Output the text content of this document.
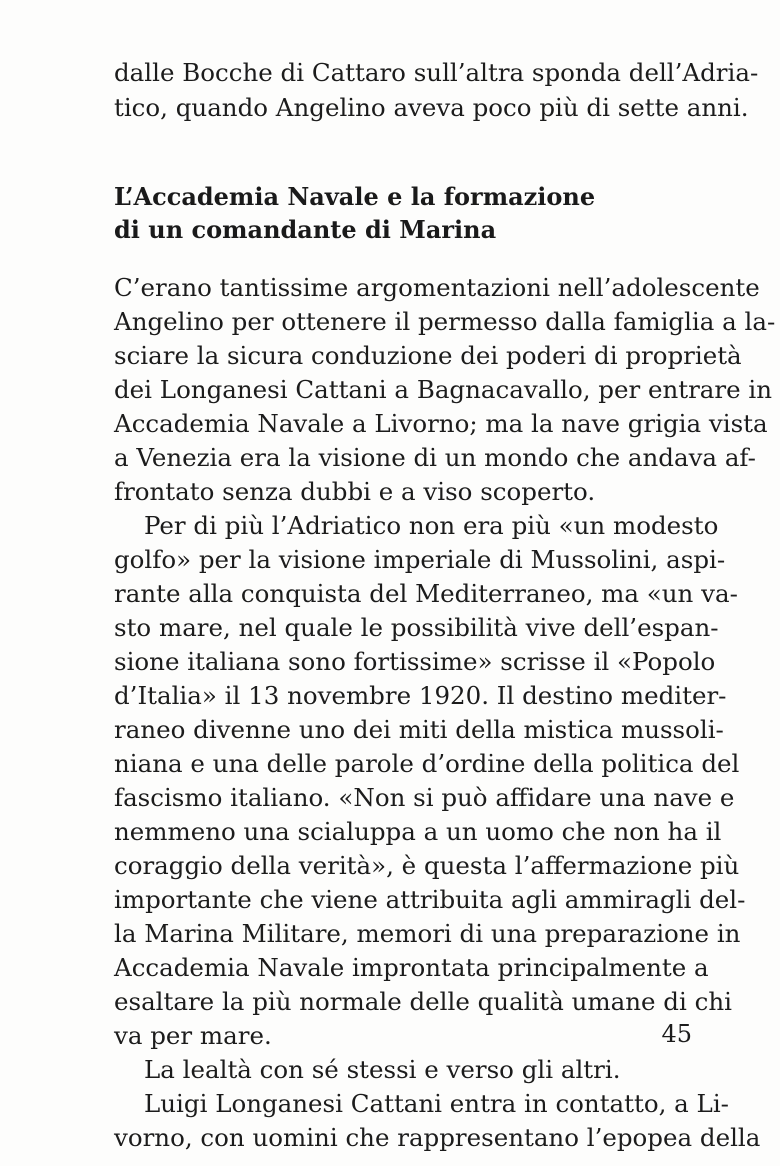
dalle Bocche di Cattaro sull’altra sponda dell’Adria-
tico, quando Angelino aveva poco più di sette anni.
L’Accademia Navale e la formazione
di un comandante di Marina
C’erano tantissime argomentazioni nell’adolescente
Angelino per ottenere il permesso dalla famiglia a la-
sciare la sicura conduzione dei poderi di proprietà
dei Longanesi Cattani a Bagnacavallo, per entrare in
Accademia Navale a Livorno; ma la nave grigia vista
a Venezia era la visione di un mondo che andava af-
frontato senza dubbi e a viso scoperto.
Per di più l’Adriatico non era più «un modesto
golfo» per la visione imperiale di Mussolini, aspi-
rante alla conquista del Mediterraneo, ma «un va-
sto mare, nel quale le possibilità vive dell’espan-
sione italiana sono fortissime» scrisse il «Popolo
d’Italia» il 13 novembre 1920. Il destino mediter-
raneo divenne uno dei miti della mistica mussoli-
niana e una delle parole d’ordine della politica del
fascismo italiano. «Non si può affidare una nave e
nemmeno una scialuppa a un uomo che non ha il
coraggio della verità», è questa l’affermazione più
importante che viene attribuita agli ammiragli del-
la Marina Militare, memori di una preparazione in
Accademia Navale improntata principalmente a
esaltare la più normale delle qualità umane di chi
va per mare.
La lealtà con sé stessi e verso gli altri.
Luigi Longanesi Cattani entra in contatto, a Li-
vorno, con uomini che rappresentano l’epopea della
45
